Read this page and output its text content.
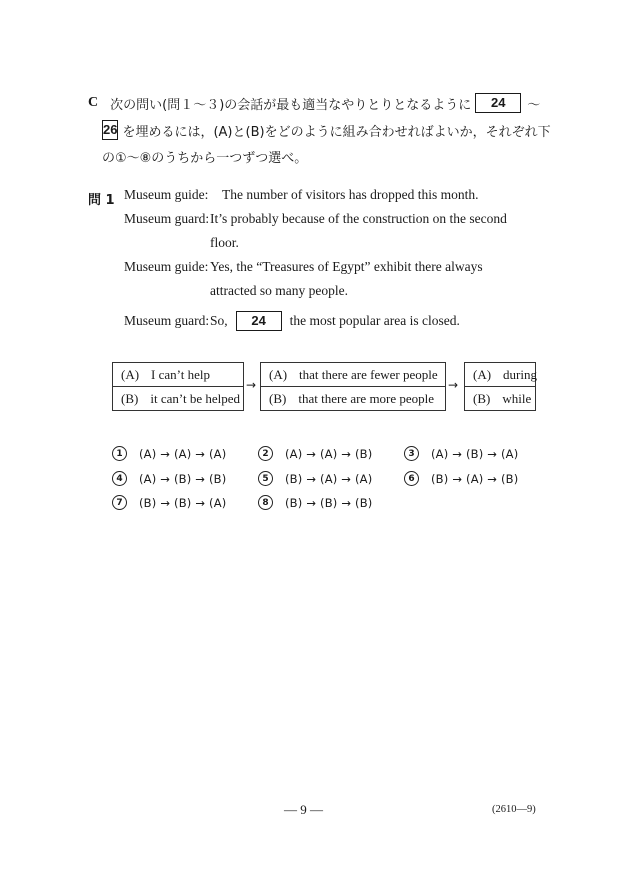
C 次の問い(問１～３)の会話が最も適当なやりとりとなるように	24	～
26 を埋めるには，(A)と(B)をどのように組み合わせればよいか，それぞれ下
の①～⑧のうちから一つずつ選べ。
問 1 Museum guide:	The number of visitors has dropped this month.
Museum guard: It’s probably because of the construction on the second
floor.
Museum guide: Yes, the “Treasures of Egypt” exhibit there always
attracted so many people.
Museum guard: So,	24	the most popular area is closed.
(A) I can’t help
(B) it can’t be helped
→
(A) that there are fewer people
(B) that there are more people
→
(A) during
(B) while
1	(A) → (A) → (A)	2	(A) → (A) → (B)	3	(A) → (B) → (A)
4	(A) → (B) → (B)	5	(B) → (A) → (A)	6	(B) → (A) → (B)
7	(B) → (B) → (A)	8	(B) → (B) → (B)
— 9 —	(2610—9)
